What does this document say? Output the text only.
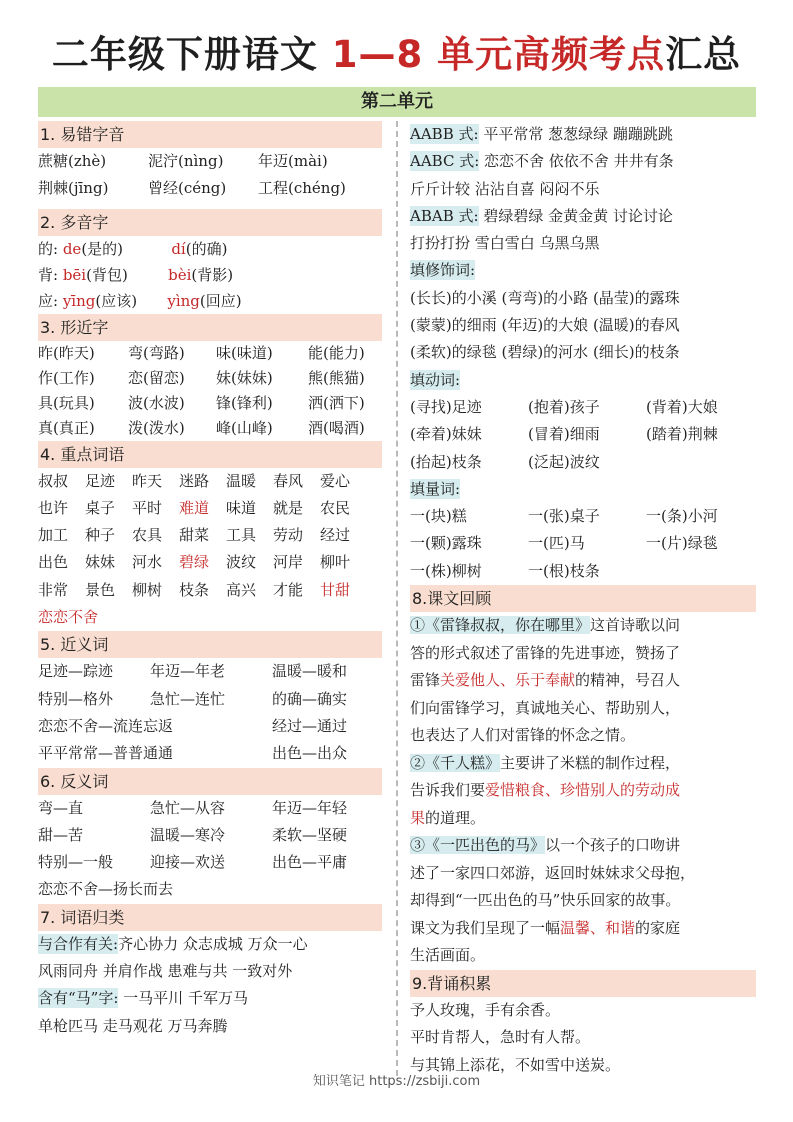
二年级下册语文 1—8 单元高频考点汇总
第二单元
1. 易错字音
蔗糖(zhè)	泥泞(nìng) 年迈(mài)
荆棘(jīng)	曾经(céng) 工程(chéng)
2. 多音字
的: de(是的)	dí(的确)
背: bēi(背包)	bèi(背影)
应: yīng(应该) yìng(回应)
3. 形近字
昨(昨天) 弯(弯路) 味(味道) 能(能力)
作(工作) 恋(留恋) 妹(妹妹) 熊(熊猫)
具(玩具) 波(水波) 锋(锋利) 洒(洒下)
真(真正) 泼(泼水) 峰(山峰) 酒(喝酒)
4. 重点词语
叔叔 足迹 昨天 迷路 温暖 春风 爱心
也许 桌子 平时 难道 味道 就是 农民
加工 种子 农具 甜菜 工具 劳动 经过
出色 妹妹 河水 碧绿 波纹 河岸 柳叶
非常 景色 柳树 枝条 高兴 才能 甘甜
恋恋不舍
5. 近义词
足迹—踪迹 年迈—年老	温暖—暖和
特别—格外 急忙—连忙	的确—确实
恋恋不舍—流连忘返	经过—通过
平平常常—普普通通	出色—出众
6. 反义词
弯—直	急忙—从容	年迈—年轻
甜—苦	温暖—寒冷	柔软—坚硬
特别—一般 迎接—欢送	出色—平庸
恋恋不舍—扬长而去
7. 词语归类
与合作有关:齐心协力 众志成城 万众一心
风雨同舟 并肩作战 患难与共 一致对外
含有“马”字: 一马平川 千军万马
单枪匹马 走马观花 万马奔腾
AABB 式: 平平常常 葱葱绿绿 蹦蹦跳跳
AABC 式: 恋恋不舍 依依不舍 井井有条
斤斤计较 沾沾自喜 闷闷不乐
ABAB 式: 碧绿碧绿 金黄金黄 讨论讨论
打扮打扮 雪白雪白 乌黑乌黑
填修饰词:
(长长)的小溪 (弯弯)的小路 (晶莹)的露珠
(蒙蒙)的细雨 (年迈)的大娘 (温暖)的春风
(柔软)的绿毯 (碧绿)的河水 (细长)的枝条
填动词:
(寻找)足迹	(抱着)孩子	(背着)大娘
(牵着)妹妹	(冒着)细雨	(踏着)荆棘
(抬起)枝条	(泛起)波纹
填量词:
一(块)糕	一(张)桌子	一(条)小河
一(颗)露珠	一(匹)马	一(片)绿毯
一(株)柳树	一(根)枝条
8.课文回顾
①《雷锋叔叔，你在哪里》这首诗歌以问
答的形式叙述了雷锋的先进事迹，赞扬了
雷锋关爱他人、乐于奉献的精神，号召人
们向雷锋学习，真诚地关心、帮助别人，
也表达了人们对雷锋的怀念之情。
②《千人糕》主要讲了米糕的制作过程，
告诉我们要爱惜粮食、珍惜别人的劳动成
果的道理。
③《一匹出色的马》以一个孩子的口吻讲
述了一家四口郊游，返回时妹妹求父母抱，
却得到“一匹出色的马”快乐回家的故事。
课文为我们呈现了一幅温馨、和谐的家庭
生活画面。
9.背诵积累
予人玫瑰，手有余香。
平时肯帮人，急时有人帮。
与其锦上添花，不如雪中送炭。
知识笔记 https://zsbiji.com
